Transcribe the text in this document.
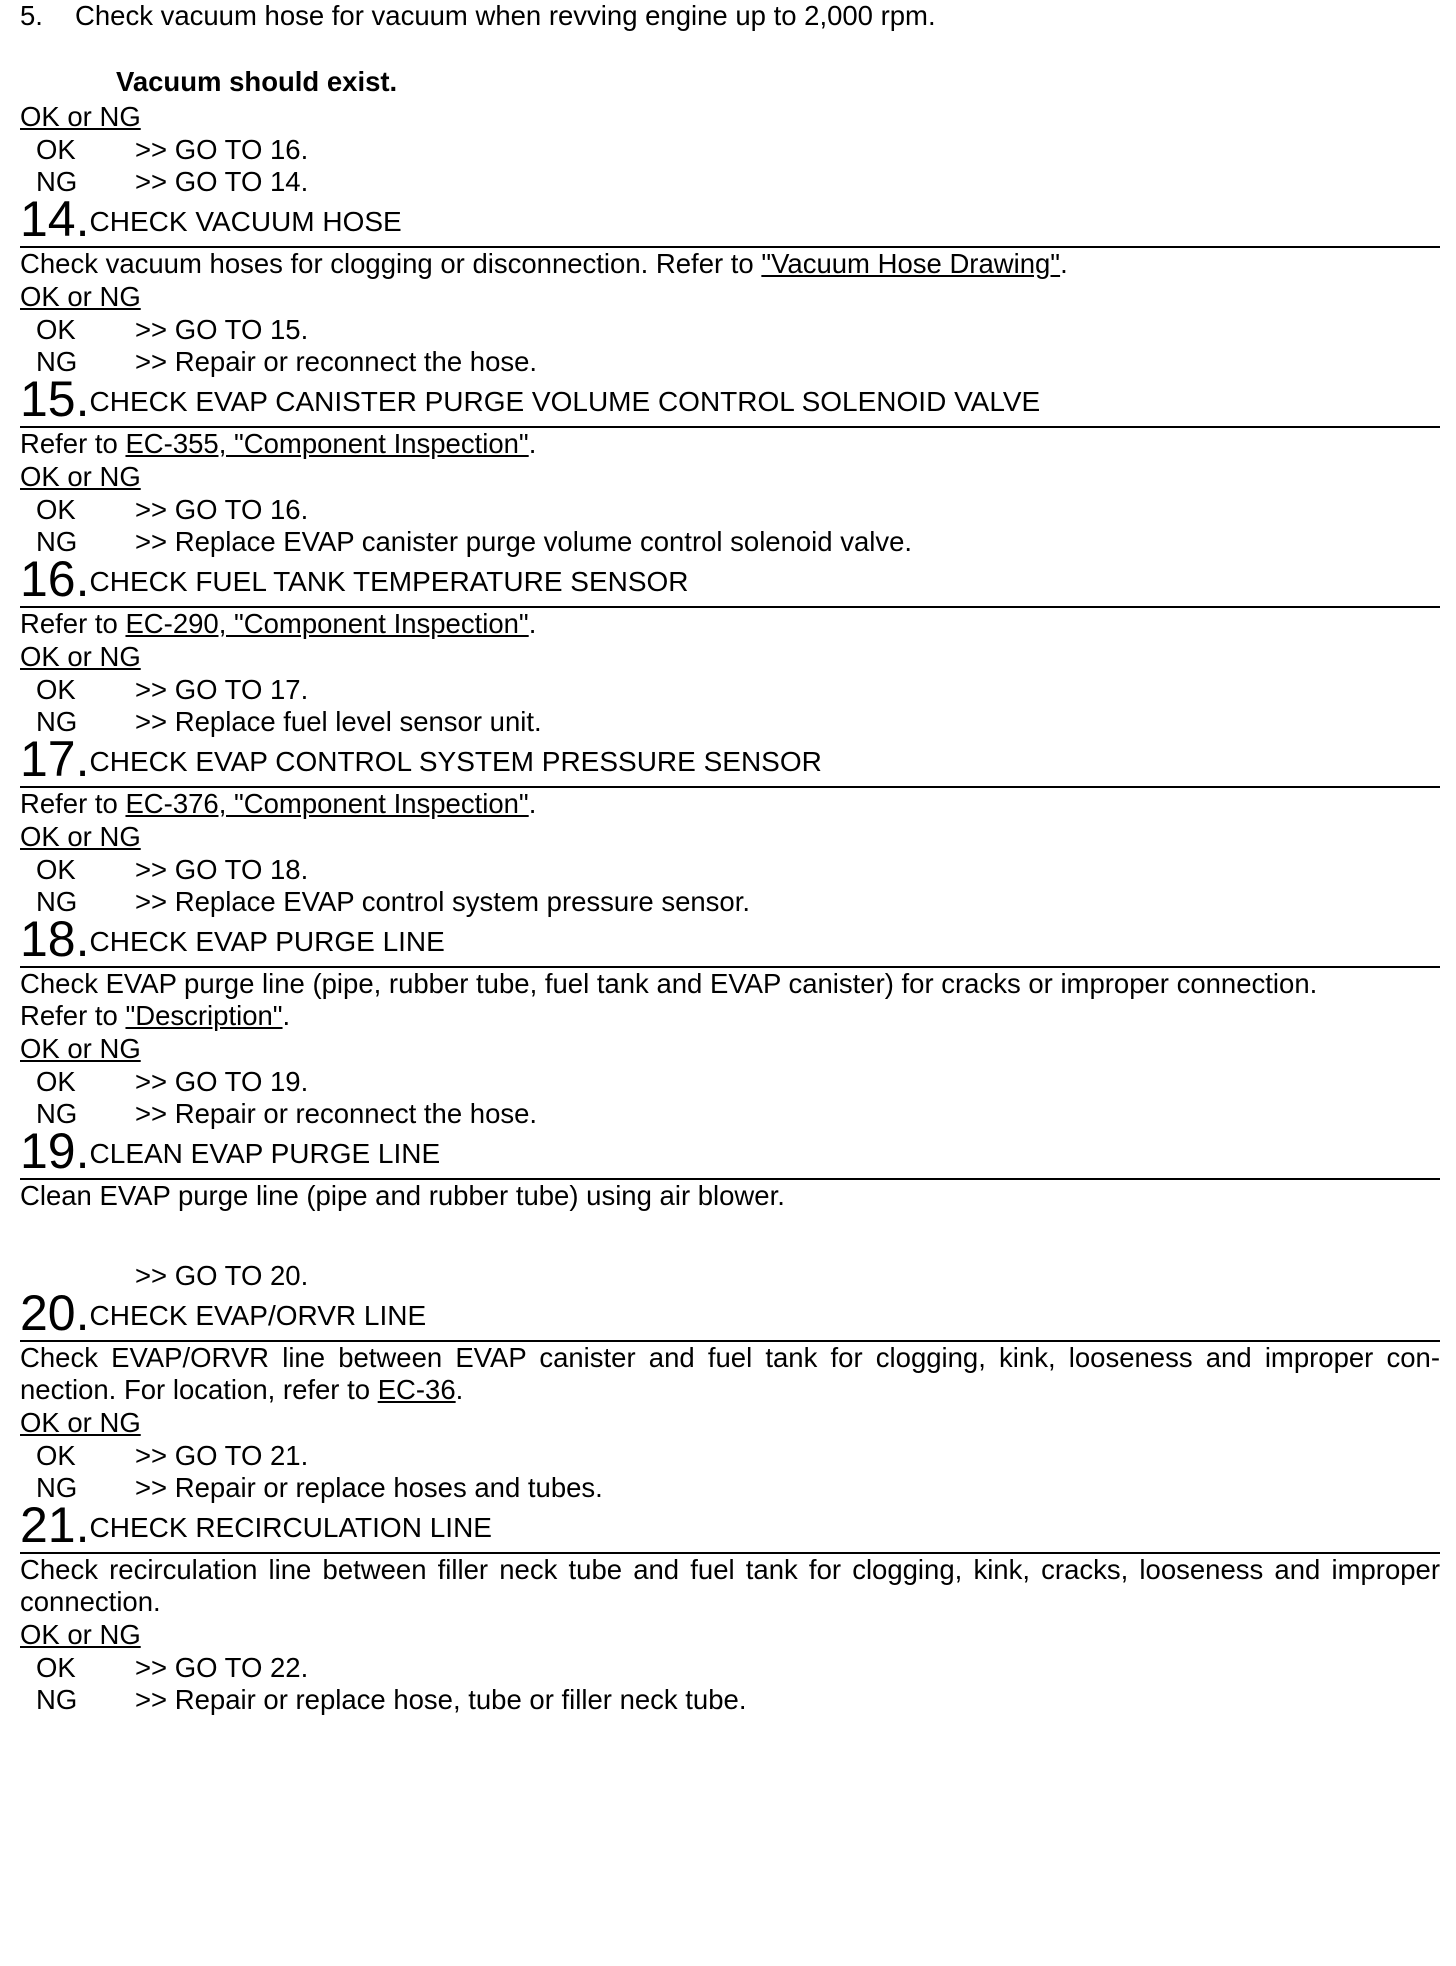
5. Check vacuum hose for vacuum when revving engine up to 2,000 rpm.
Vacuum should exist.
OK or NG
OK >> GO TO 16.
NG >> GO TO 14.
14.CHECK VACUUM HOSE
Check vacuum hoses for clogging or disconnection. Refer to "Vacuum Hose Drawing".
OK or NG
OK >> GO TO 15.
NG >> Repair or reconnect the hose.
15.CHECK EVAP CANISTER PURGE VOLUME CONTROL SOLENOID VALVE
Refer to EC-355, "Component Inspection".
OK or NG
OK >> GO TO 16.
NG >> Replace EVAP canister purge volume control solenoid valve.
16.CHECK FUEL TANK TEMPERATURE SENSOR
Refer to EC-290, "Component Inspection".
OK or NG
OK >> GO TO 17.
NG >> Replace fuel level sensor unit.
17.CHECK EVAP CONTROL SYSTEM PRESSURE SENSOR
Refer to EC-376, "Component Inspection".
OK or NG
OK >> GO TO 18.
NG >> Replace EVAP control system pressure sensor.
18.CHECK EVAP PURGE LINE
Check EVAP purge line (pipe, rubber tube, fuel tank and EVAP canister) for cracks or improper connection.
Refer to "Description".
OK or NG
OK >> GO TO 19.
NG >> Repair or reconnect the hose.
19.CLEAN EVAP PURGE LINE
Clean EVAP purge line (pipe and rubber tube) using air blower.
>> GO TO 20.
20.CHECK EVAP/ORVR LINE
Check EVAP/ORVR line between EVAP canister and fuel tank for clogging, kink, looseness and improper con-nection. For location, refer to EC-36.
OK or NG
OK >> GO TO 21.
NG >> Repair or replace hoses and tubes.
21.CHECK RECIRCULATION LINE
Check recirculation line between filler neck tube and fuel tank for clogging, kink, cracks, looseness and improper connection.
OK or NG
OK >> GO TO 22.
NG >> Repair or replace hose, tube or filler neck tube.
